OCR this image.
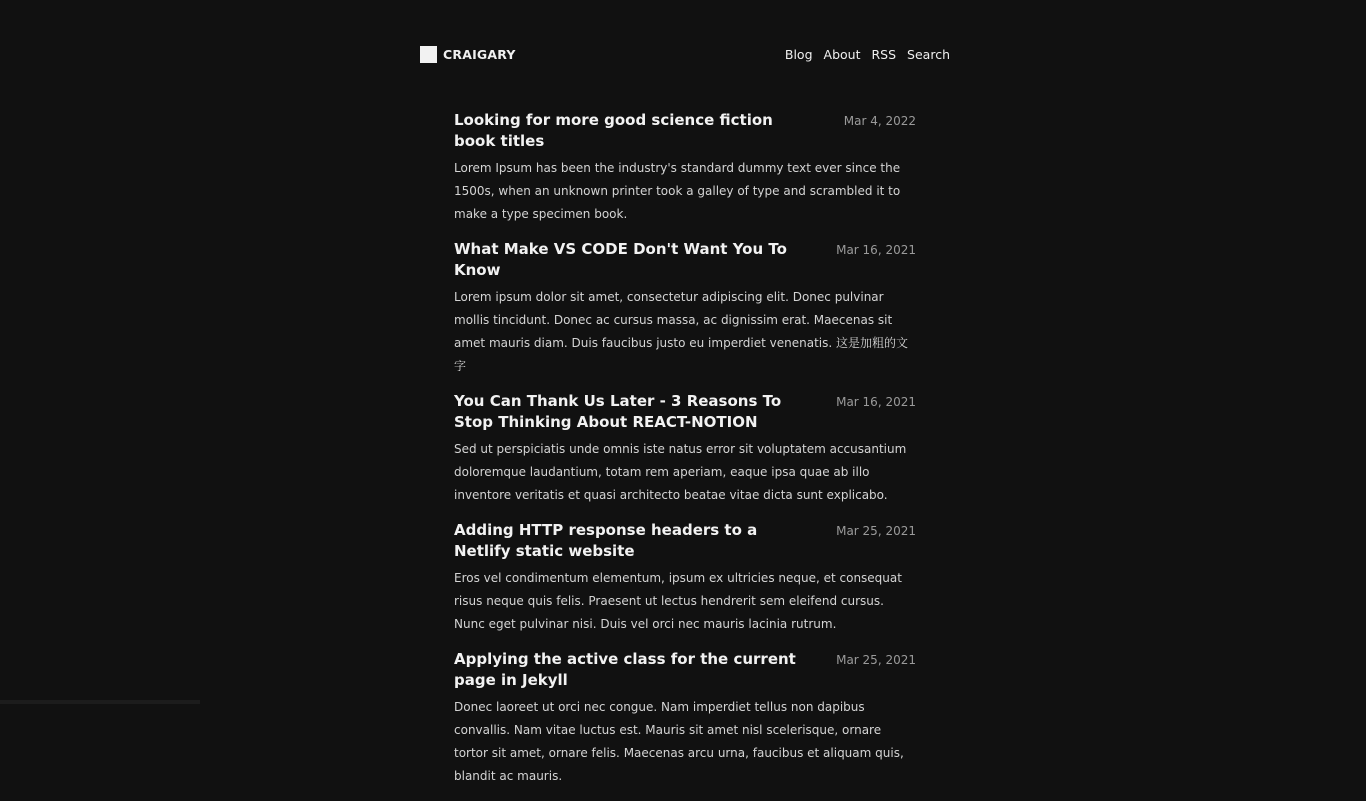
CRAIGARY	Blog About RSS Search
Looking for more good science fiction book titles
Mar 4, 2022

Lorem Ipsum has been the industry's standard dummy text ever since the 1500s, when an unknown printer took a galley of type and scrambled it to make a type specimen book.

What Make VS CODE Don't Want You To Know
Mar 16, 2021

Lorem ipsum dolor sit amet, consectetur adipiscing elit. Donec pulvinar mollis tincidunt. Donec ac cursus massa, ac dignissim erat. Maecenas sit amet mauris diam. Duis faucibus justo eu imperdiet venenatis. 这是加粗的文字

You Can Thank Us Later - 3 Reasons To Stop Thinking About REACT-NOTION
Mar 16, 2021

Sed ut perspiciatis unde omnis iste natus error sit voluptatem accusantium doloremque laudantium, totam rem aperiam, eaque ipsa quae ab illo inventore veritatis et quasi architecto beatae vitae dicta sunt explicabo.

Adding HTTP response headers to a Netlify static website
Mar 25, 2021

Eros vel condimentum elementum, ipsum ex ultricies neque, et consequat risus neque quis felis. Praesent ut lectus hendrerit sem eleifend cursus. Nunc eget pulvinar nisi. Duis vel orci nec mauris lacinia rutrum.

Applying the active class for the current page in Jekyll
Mar 25, 2021

Donec laoreet ut orci nec congue. Nam imperdiet tellus non dapibus convallis. Nam vitae luctus est. Mauris sit amet nisl scelerisque, ornare tortor sit amet, ornare felis. Maecenas arcu urna, faucibus et aliquam quis, blandit ac mauris.
